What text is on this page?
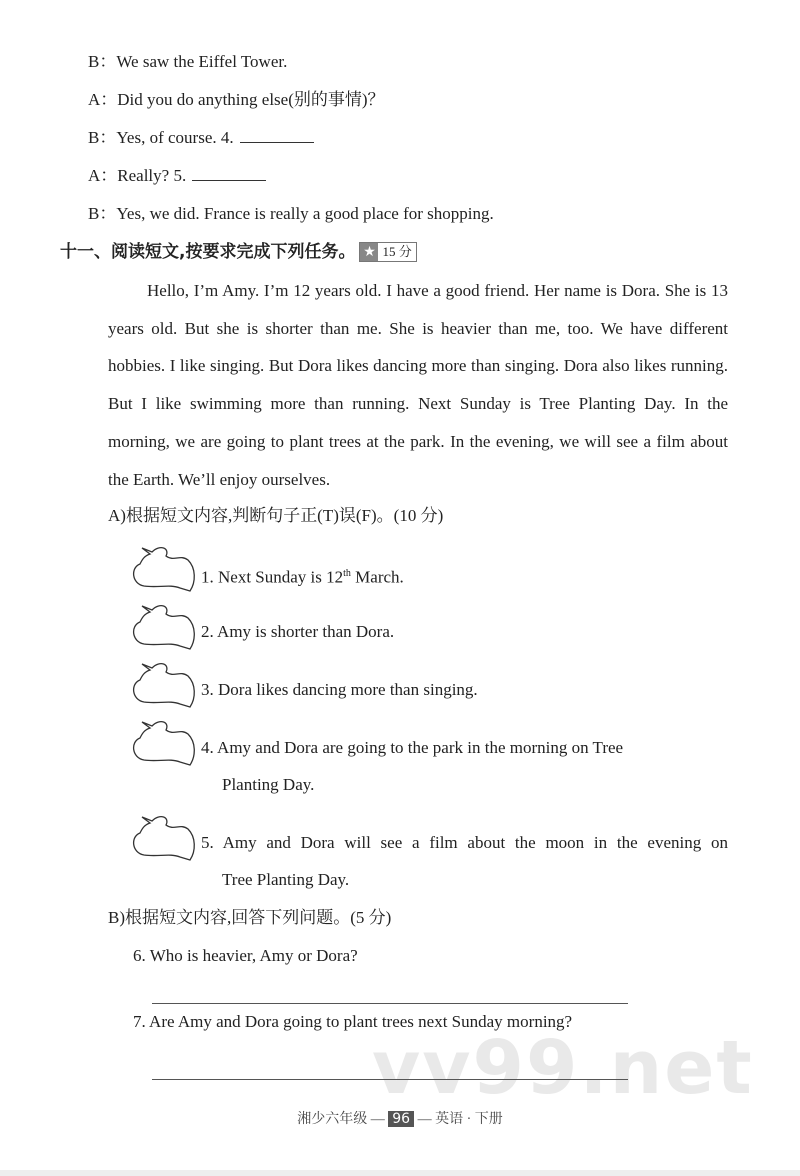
B：We saw the Eiffel Tower.
A：Did you do anything else(别的事情)？
B：Yes, of course. 4.
A：Really? 5.
B：Yes, we did. France is really a good place for shopping.
十一、阅读短文,按要求完成下列任务。 ★ 15 分
Hello, I’m Amy. I’m 12 years old. I have a good friend. Her name is Dora. She is 13 years old. But she is shorter than me. She is heavier than me, too. We have different hobbies. I like singing. But Dora likes dancing more than singing. Dora also likes running. But I like swimming more than running. Next Sunday is Tree Planting Day. In the morning, we are going to plant trees at the park. In the evening, we will see a film about the Earth. We’ll enjoy ourselves.
A)根据短文内容,判断句子正(T)误(F)。(10 分)
1. Next Sunday is 12th March.
2. Amy is shorter than Dora.
3. Dora likes dancing more than singing.
4. Amy and Dora are going to the park in the morning on Tree
Planting Day.
5. Amy and Dora will see a film about the moon in the evening on
Tree Planting Day.
B)根据短文内容,回答下列问题。(5 分)
6. Who is heavier, Amy or Dora?
7. Are Amy and Dora going to plant trees next Sunday morning?
vv99.net
湘少六年级 — 96 — 英语 · 下册
